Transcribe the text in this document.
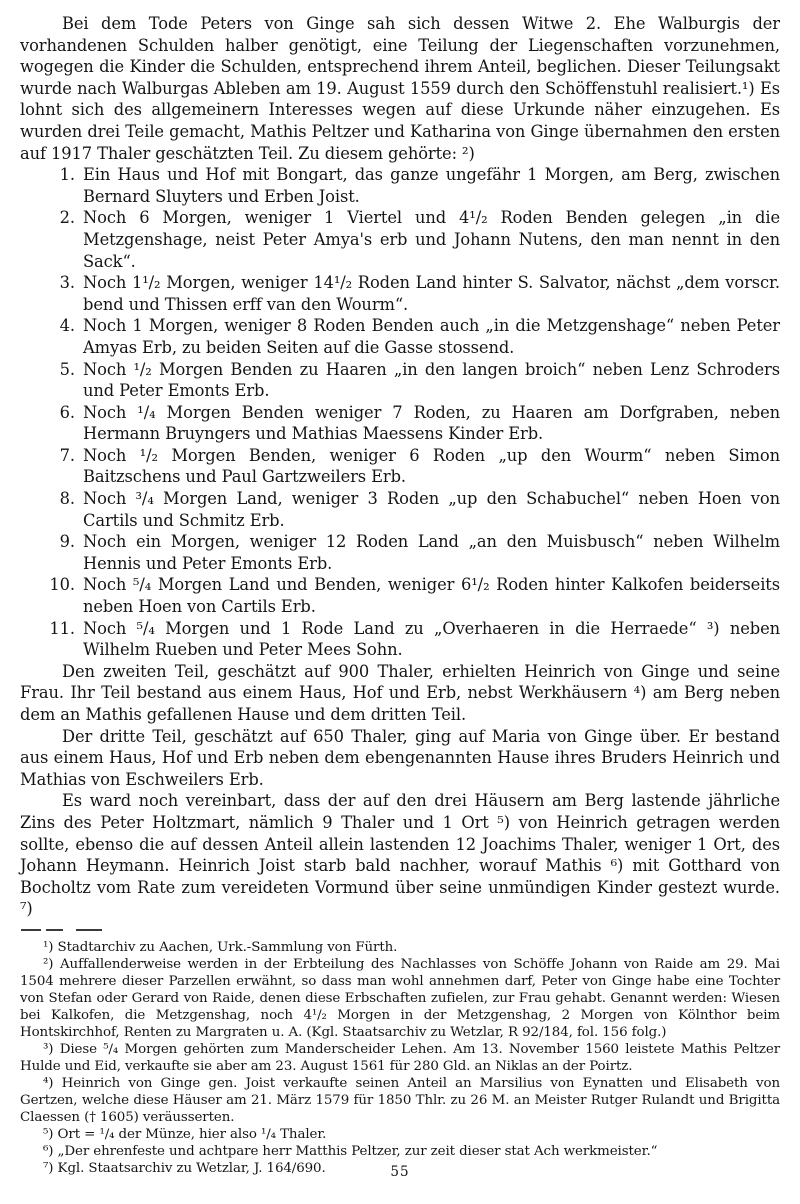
Bei dem Tode Peters von Ginge sah sich dessen Witwe 2. Ehe Walburgis der vorhandenen Schulden halber genötigt, eine Teilung der Liegenschaften vorzunehmen, wogegen die Kinder die Schulden, entsprechend ihrem Anteil, beglichen. Dieser Teilungsakt wurde nach Walburgas Ableben am 19. August 1559 durch den Schöffenstuhl realisiert.¹) Es lohnt sich des allgemeinern Interesses wegen auf diese Urkunde näher einzugehen. Es wurden drei Teile gemacht, Mathis Peltzer und Katharina von Ginge übernahmen den ersten auf 1917 Thaler geschätzten Teil. Zu diesem gehörte: ²)

1. Ein Haus und Hof mit Bongart, das ganze ungefähr 1 Morgen, am Berg, zwischen Bernard Sluyters und Erben Joist.
2. Noch 6 Morgen, weniger 1 Viertel und 4¹/₂ Roden Benden gelegen „in die Metzgenshage, neist Peter Amya's erb und Johann Nutens, den man nennt in den Sack“.
3. Noch 1¹/₂ Morgen, weniger 14¹/₂ Roden Land hinter S. Salvator, nächst „dem vorscr. bend und Thissen erff van den Wourm“.
4. Noch 1 Morgen, weniger 8 Roden Benden auch „in die Metzgenshage“ neben Peter Amyas Erb, zu beiden Seiten auf die Gasse stossend.
5. Noch ¹/₂ Morgen Benden zu Haaren „in den langen broich“ neben Lenz Schroders und Peter Emonts Erb.
6. Noch ¹/₄ Morgen Benden weniger 7 Roden, zu Haaren am Dorfgraben, neben Hermann Bruyngers und Mathias Maessens Kinder Erb.
7. Noch ¹/₂ Morgen Benden, weniger 6 Roden „up den Wourm“ neben Simon Baitzschens und Paul Gartzweilers Erb.
8. Noch ³/₄ Morgen Land, weniger 3 Roden „up den Schabuchel“ neben Hoen von Cartils und Schmitz Erb.
9. Noch ein Morgen, weniger 12 Roden Land „an den Muisbusch“ neben Wilhelm Hennis und Peter Emonts Erb.
10. Noch ⁵/₄ Morgen Land und Benden, weniger 6¹/₂ Roden hinter Kalkofen beiderseits neben Hoen von Cartils Erb.
11. Noch ⁵/₄ Morgen und 1 Rode Land zu „Overhaeren in die Herraede“ ³) neben Wilhelm Rueben und Peter Mees Sohn.

Den zweiten Teil, geschätzt auf 900 Thaler, erhielten Heinrich von Ginge und seine Frau. Ihr Teil bestand aus einem Haus, Hof und Erb, nebst Werkhäusern ⁴) am Berg neben dem an Mathis gefallenen Hause und dem dritten Teil.

Der dritte Teil, geschätzt auf 650 Thaler, ging auf Maria von Ginge über. Er bestand aus einem Haus, Hof und Erb neben dem ebengenannten Hause ihres Bruders Heinrich und Mathias von Eschweilers Erb.

Es ward noch vereinbart, dass der auf den drei Häusern am Berg lastende jährliche Zins des Peter Holtzmart, nämlich 9 Thaler und 1 Ort ⁵) von Heinrich getragen werden sollte, ebenso die auf dessen Anteil allein lastenden 12 Joachims Thaler, weniger 1 Ort, des Johann Heymann. Heinrich Joist starb bald nachher, worauf Mathis ⁶) mit Gotthard von Bocholtz vom Rate zum vereideten Vormund über seine unmündigen Kinder gestezt wurde. ⁷)

¹) Stadtarchiv zu Aachen, Urk.-Sammlung von Fürth.

²) Auffallenderweise werden in der Erbteilung des Nachlasses von Schöffe Johann von Raide am 29. Mai 1504 mehrere dieser Parzellen erwähnt, so dass man wohl annehmen darf, Peter von Ginge habe eine Tochter von Stefan oder Gerard von Raide, denen diese Erbschaften zufielen, zur Frau gehabt. Genannt werden: Wiesen bei Kalkofen, die Metzgenshag, noch 4¹/₂ Morgen in der Metzgenshag, 2 Morgen von Kölnthor beim Hontskirchhof, Renten zu Margraten u. A. (Kgl. Staatsarchiv zu Wetzlar, R 92/184, fol. 156 folg.)

³) Diese ⁵/₄ Morgen gehörten zum Manderscheider Lehen. Am 13. November 1560 leistete Mathis Peltzer Hulde und Eid, verkaufte sie aber am 23. August 1561 für 280 Gld. an Niklas an der Poirtz.

⁴) Heinrich von Ginge gen. Joist verkaufte seinen Anteil an Marsilius von Eynatten und Elisabeth von Gertzen, welche diese Häuser am 21. März 1579 für 1850 Thlr. zu 26 M. an Meister Rutger Rulandt und Brigitta Claessen († 1605) veräusserten.

⁵) Ort = ¹/₄ der Münze, hier also ¹/₄ Thaler.

⁶) „Der ehrenfeste und achtpare herr Matthis Peltzer, zur zeit dieser stat Ach werkmeister.“

⁷) Kgl. Staatsarchiv zu Wetzlar, J. 164/690.	55
